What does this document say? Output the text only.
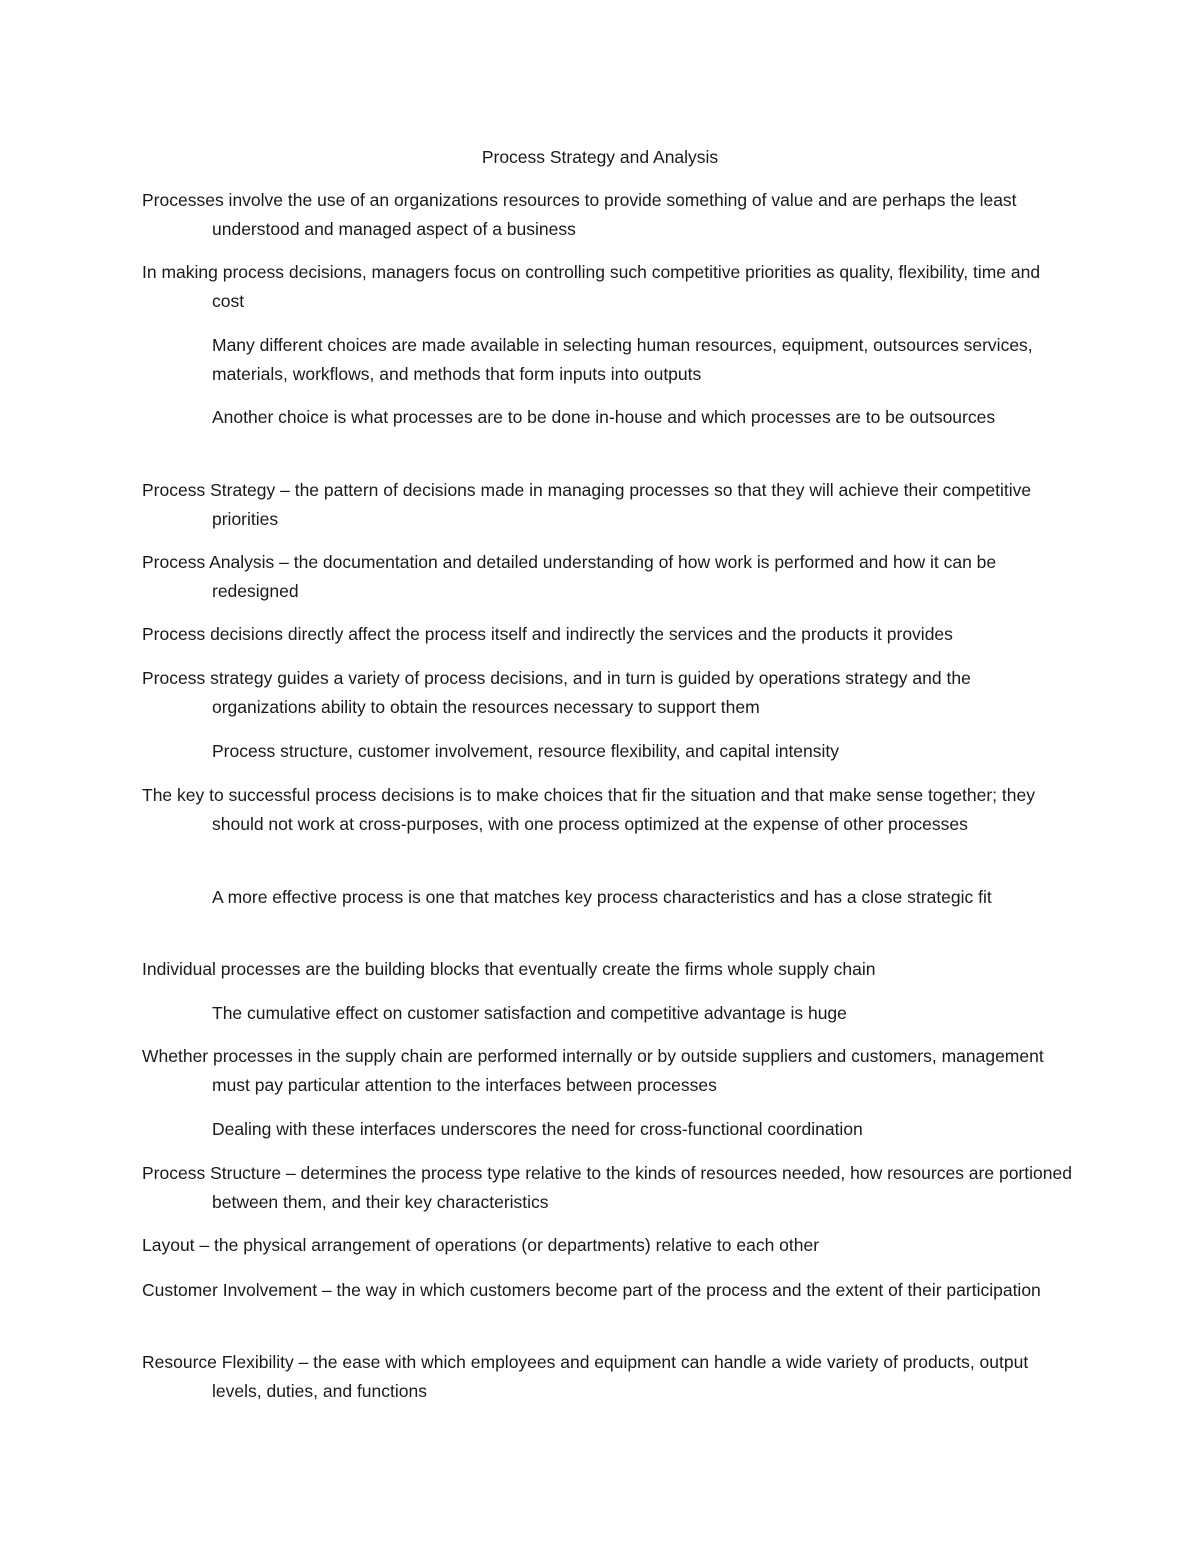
Process Strategy and Analysis

Processes involve the use of an organizations resources to provide something of value and are perhaps the least understood and managed aspect of a business

In making process decisions, managers focus on controlling such competitive priorities as quality, flexibility, time and cost

Many different choices are made available in selecting human resources, equipment, outsources services, materials, workflows, and methods that form inputs into outputs

Another choice is what processes are to be done in-house and which processes are to be outsources

Process Strategy – the pattern of decisions made in managing processes so that they will achieve their competitive priorities

Process Analysis – the documentation and detailed understanding of how work is performed and how it can be redesigned

Process decisions directly affect the process itself and indirectly the services and the products it provides

Process strategy guides a variety of process decisions, and in turn is guided by operations strategy and the organizations ability to obtain the resources necessary to support them

Process structure, customer involvement, resource flexibility, and capital intensity

The key to successful process decisions is to make choices that fir the situation and that make sense together; they should not work at cross-purposes, with one process optimized at the expense of other processes

A more effective process is one that matches key process characteristics and has a close strategic fit

Individual processes are the building blocks that eventually create the firms whole supply chain

The cumulative effect on customer satisfaction and competitive advantage is huge

Whether processes in the supply chain are performed internally or by outside suppliers and customers, management must pay particular attention to the interfaces between processes

Dealing with these interfaces underscores the need for cross-functional coordination

Process Structure – determines the process type relative to the kinds of resources needed, how resources are portioned between them, and their key characteristics

Layout – the physical arrangement of operations (or departments) relative to each other

Customer Involvement – the way in which customers become part of the process and the extent of their participation

Resource Flexibility – the ease with which employees and equipment can handle a wide variety of products, output levels, duties, and functions
